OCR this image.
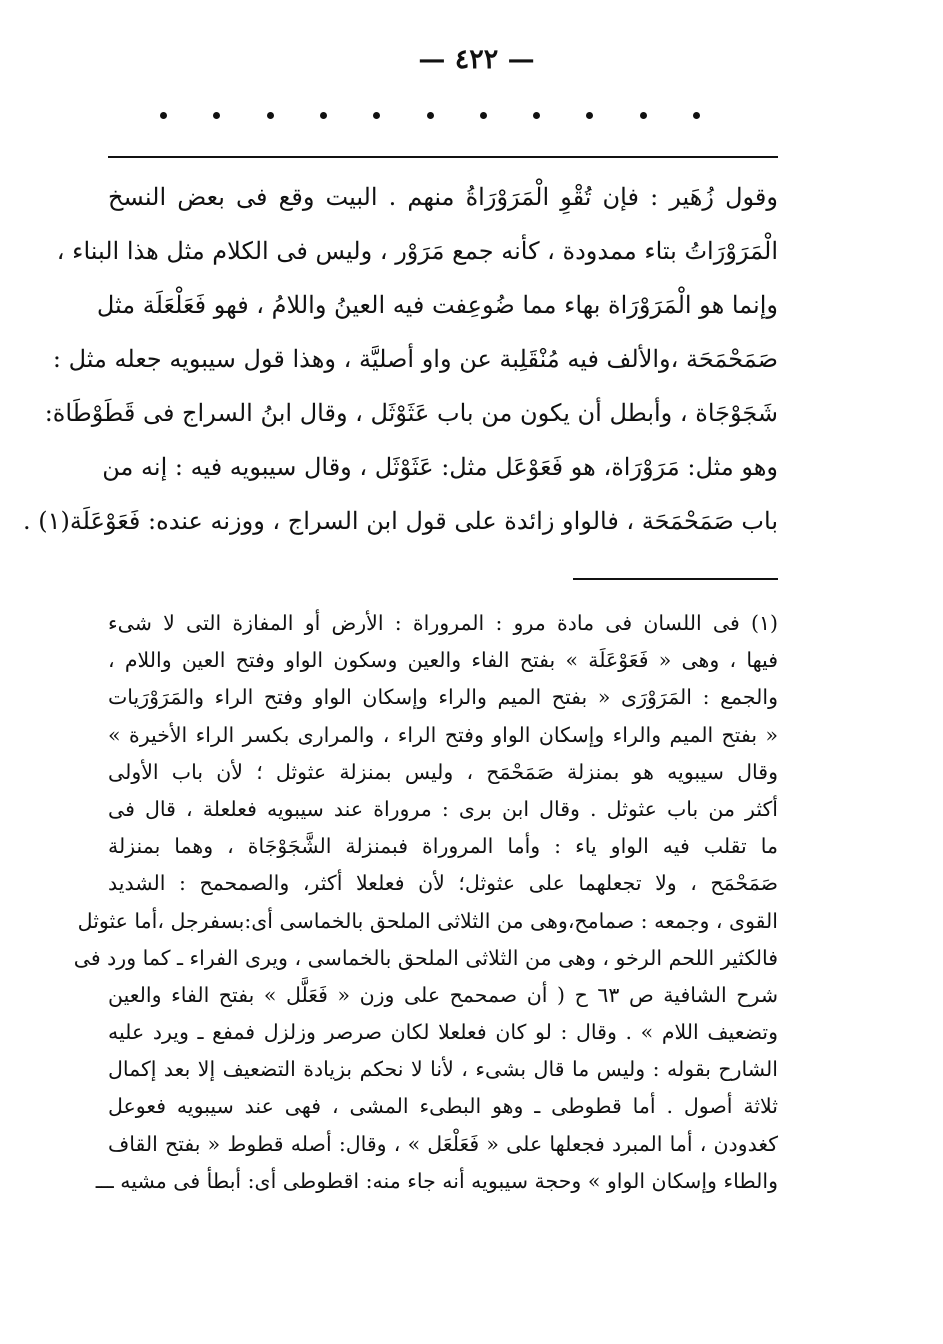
— ٤٢٢ —
وقول زُهَير : فإن تُقْوِ الْمَرَوْرَاةُ منهم . البيت وقع فى بعض النسخ
الْمَرَوْرَاتُ بتاء ممدودة ، كأنه جمع مَرَوْر ، وليس فى الكلام مثل هذا البناء ،
وإنما هو الْمَرَوْرَاة بهاء مما ضُوعِفت فيه العينُ واللامُ ، فهو فَعَلْعَلَة مثل
صَمَحْمَحَة ،والألف فيه مُنْقَلِبة عن واو أصليَّة ، وهذا قول سيبويه جعله مثل :
شَجَوْجَاة ، وأبطل أن يكون من باب عَثَوْثَل ، وقال ابنُ السراج فى قَطَوْطَاة:
وهو مثل: مَرَوْرَاة، هو فَعَوْعَل مثل: عَثَوْثَل ، وقال سيبويه فيه : إنه من
باب صَمَحْمَحَة ، فالواو زائدة على قول ابن السراج ، ووزنه عنده: فَعَوْعَلَة(١) .
(١) فى اللسان فى مادة مرو : المروراة : الأرض أو المفازة التى لا شىء
فيها ، وهى « فَعَوْعَلَة » بفتح الفاء والعين وسكون الواو وفتح العين واللام ،
والجمع : المَرَوْرَى « بفتح الميم والراء وإسكان الواو وفتح الراء والمَرَوْرَيات
« بفتح الميم والراء وإسكان الواو وفتح الراء ، والمرارى بكسر الراء الأخيرة »
وقال سيبويه هو بمنزلة صَمَحْمَح ، وليس بمنزلة عثوثل ؛ لأن باب الأولى
أكثر من باب عثوثل . وقال ابن برى : مروراة عند سيبويه فعلعلة ، قال فى
ما تقلب فيه الواو ياء : وأما المروراة فبمنزلة الشَّجَوْجَاة ، وهما بمنزلة
صَمَحْمَح ، ولا تجعلهما على عثوثل؛ لأن فعلعلا أكثر، والصمحمح : الشديد
القوى ، وجمعه : صمامح،وهى من الثلاثى الملحق بالخماسى أى:بسفرجل ،أما عثوثل
فالكثير اللحم الرخو ، وهى من الثلاثى الملحق بالخماسى ، ويرى الفراء ـ كما ورد فى
شرح الشافية ص ٦٣ ح ( أن صمحمح على وزن « فَعَلَّل » بفتح الفاء والعين
وتضعيف اللام » . وقال : لو كان فعلعلا لكان صرصر وزلزل فمفع ـ ويرد عليه
الشارح بقوله : وليس ما قال بشىء ، لأنا لا نحكم بزيادة التضعيف إلا بعد إكمال
ثلاثة أصول . أما قطوطى ـ وهو البطىء المشى ، فهى عند سيبويه فعوعل
كغدودن ، أما المبرد فجعلها على « فَعَلْعَل » ، وقال: أصله قطوط « بفتح القاف
والطاء وإسكان الواو » وحجة سيبويه أنه جاء منه: اقطوطى أى: أبطأ فى مشيه ـــ
